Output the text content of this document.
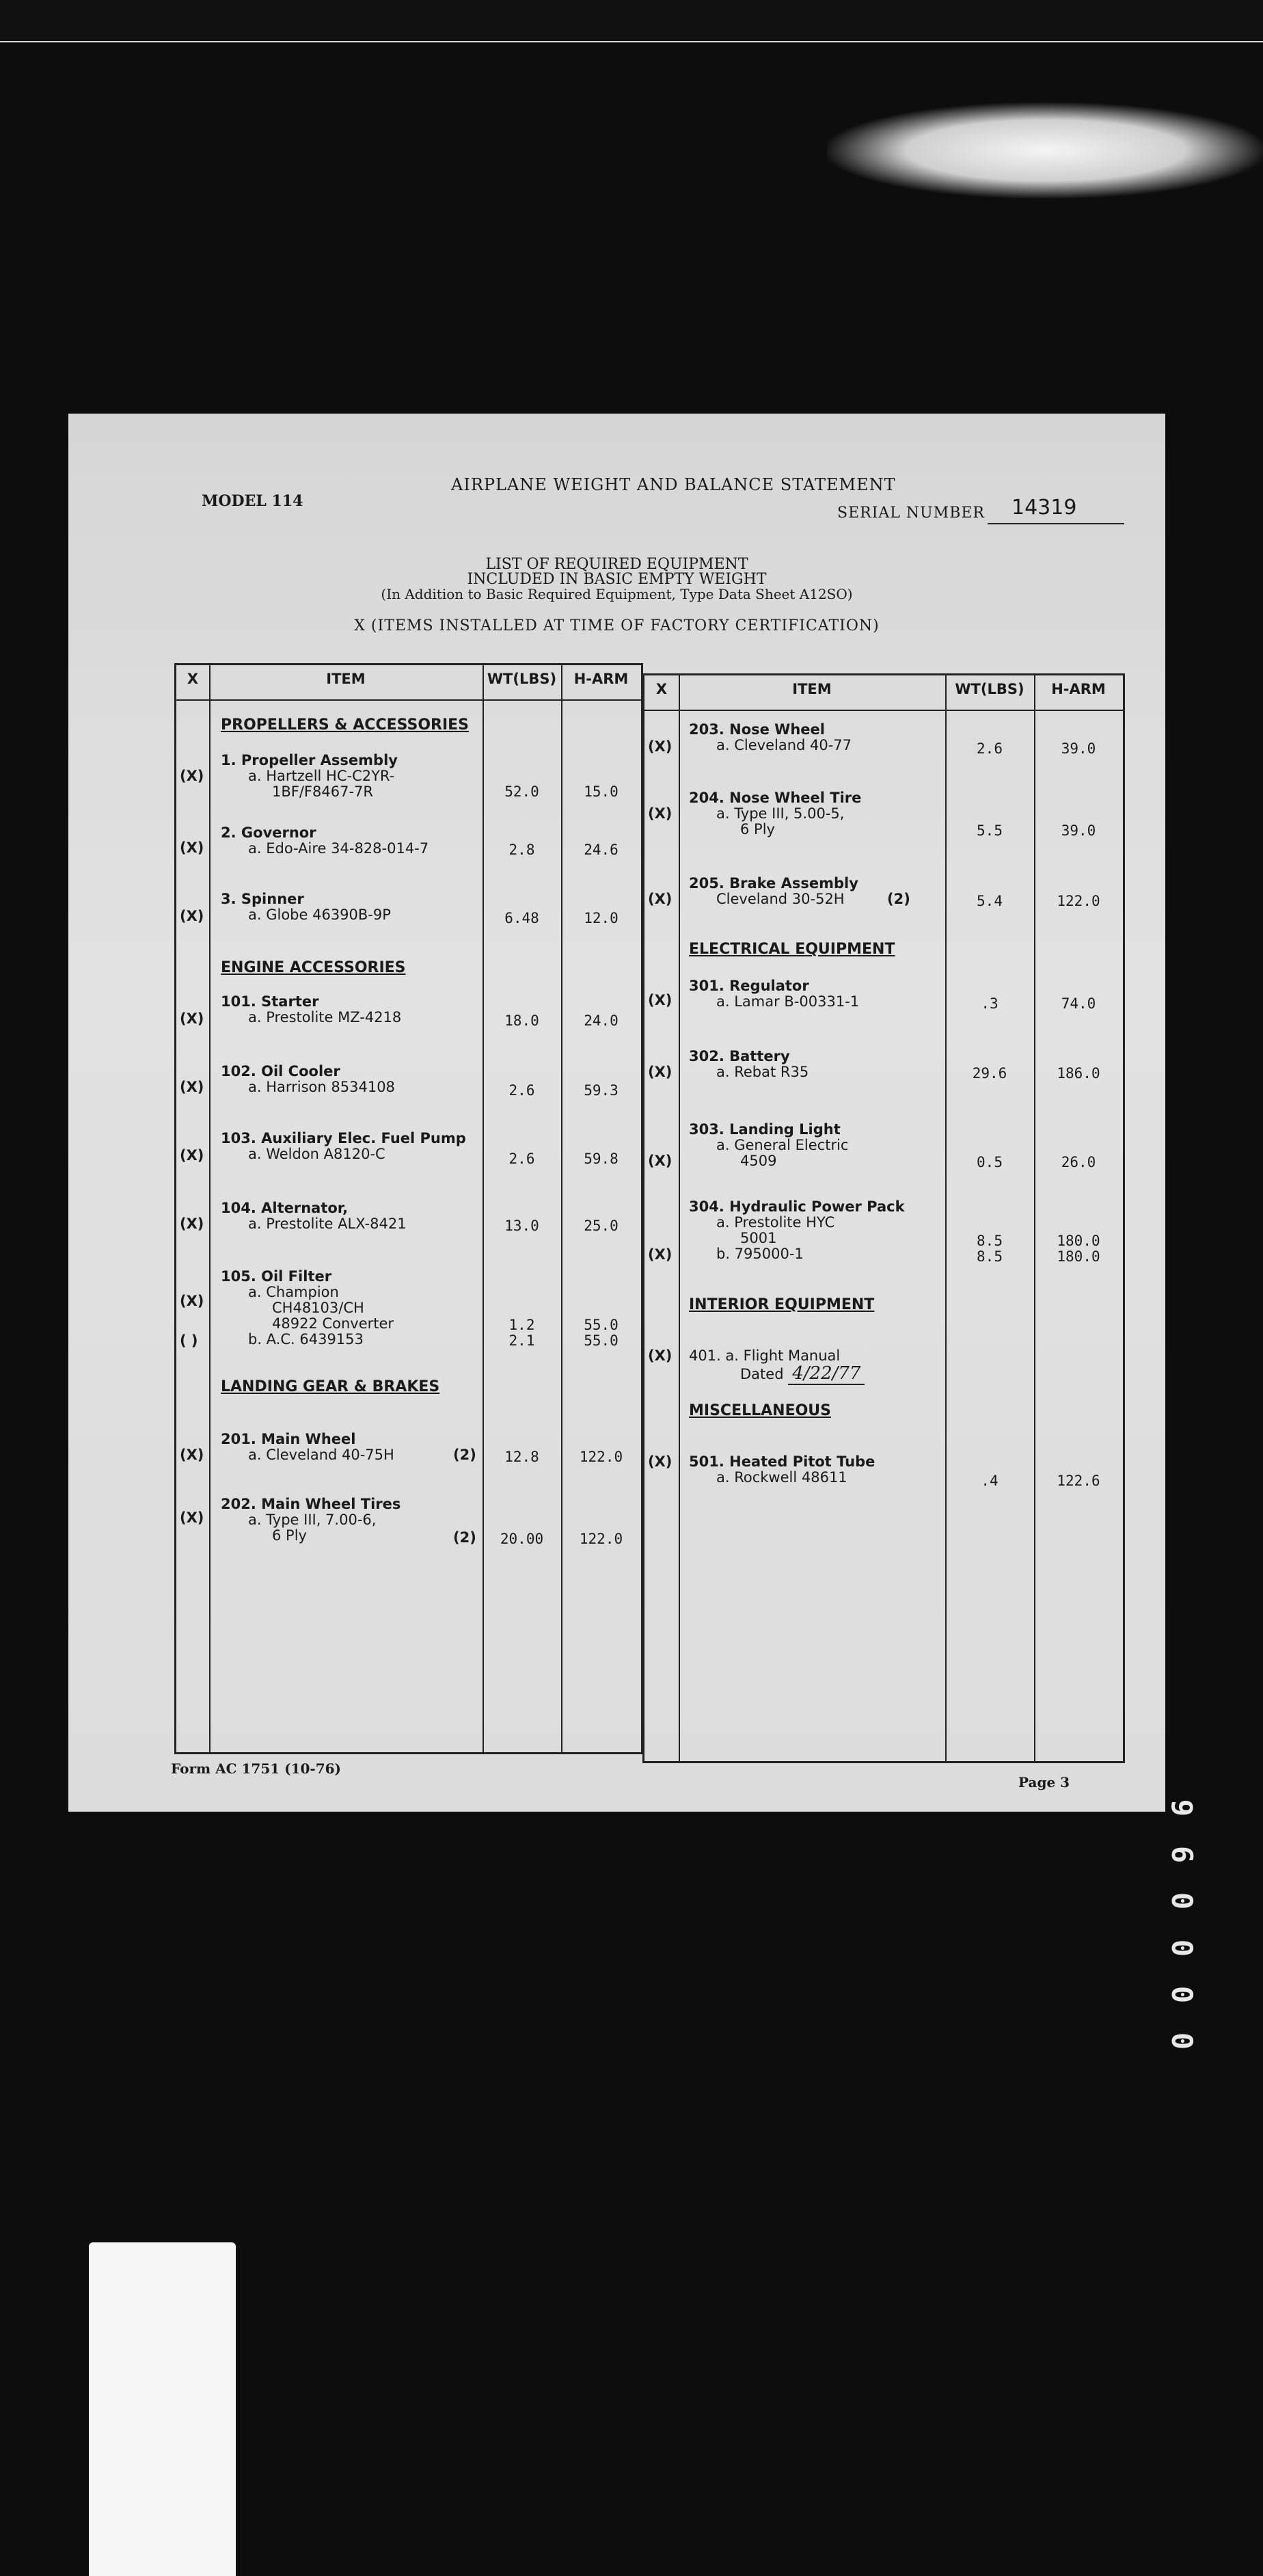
AIRPLANE WEIGHT AND BALANCE STATEMENT
MODEL 114
SERIAL NUMBER 14319
LIST OF REQUIRED EQUIPMENT
INCLUDED IN BASIC EMPTY WEIGHT
(In Addition to Basic Required Equipment, Type Data Sheet A12SO)
X (ITEMS INSTALLED AT TIME OF FACTORY CERTIFICATION)
X	ITEM	WT(LBS)	H-ARM
PROPELLERS & ACCESSORIES
(X)
1. Propeller Assembly
a. Hartzell HC-C2YR-
1BF/F8467-7R	52.0	15.0
(X)
2. Governor
a. Edo-Aire 34-828-014-7	2.8	24.6
(X)
3. Spinner
a. Globe 46390B-9P	6.48	12.0
ENGINE ACCESSORIES
(X)
101. Starter
a. Prestolite MZ-4218	18.0	24.0
(X)
102. Oil Cooler
a. Harrison 8534108	2.6	59.3
(X)
103. Auxiliary Elec. Fuel Pump
a. Weldon A8120-C	2.6	59.8
(X)
104. Alternator,
a. Prestolite ALX-8421	13.0	25.0
(X)
105. Oil Filter
a. Champion
CH48103/CH
48922 Converter	1.2	55.0
( )	b. A.C. 6439153	2.1	55.0
LANDING GEAR & BRAKES
(X)
201. Main Wheel
a. Cleveland 40-75H	(2)	12.8	122.0
(X)
202. Main Wheel Tires
a. Type III, 7.00-6,
6 Ply	(2)	20.00	122.0
X	ITEM	WT(LBS)	H-ARM
(X)
203. Nose Wheel
a. Cleveland 40-77	2.6	39.0
(X)
204. Nose Wheel Tire
a. Type III, 5.00-5,
6 Ply	5.5	39.0
(X)
205. Brake Assembly
Cleveland 30-52H	(2)	5.4	122.0
ELECTRICAL EQUIPMENT
(X)
301. Regulator
a. Lamar B-00331-1	.3	74.0
(X)
302. Battery
a. Rebat R35	29.6	186.0
(X)
303. Landing Light
a. General Electric
4509	0.5	26.0
(X)
304. Hydraulic Power Pack
a. Prestolite HYC
5001
b. 795000-1
8.5	180.0
8.5	180.0
INTERIOR EQUIPMENT
(X) 401. a. Flight Manual
Dated 4/22/77
MISCELLANEOUS
(X) 501. Heated Pitot Tube
a. Rockwell 48611	.4	122.6
Form AC 1751 (10-76)
Page 3
9
6
0
0
0
0
